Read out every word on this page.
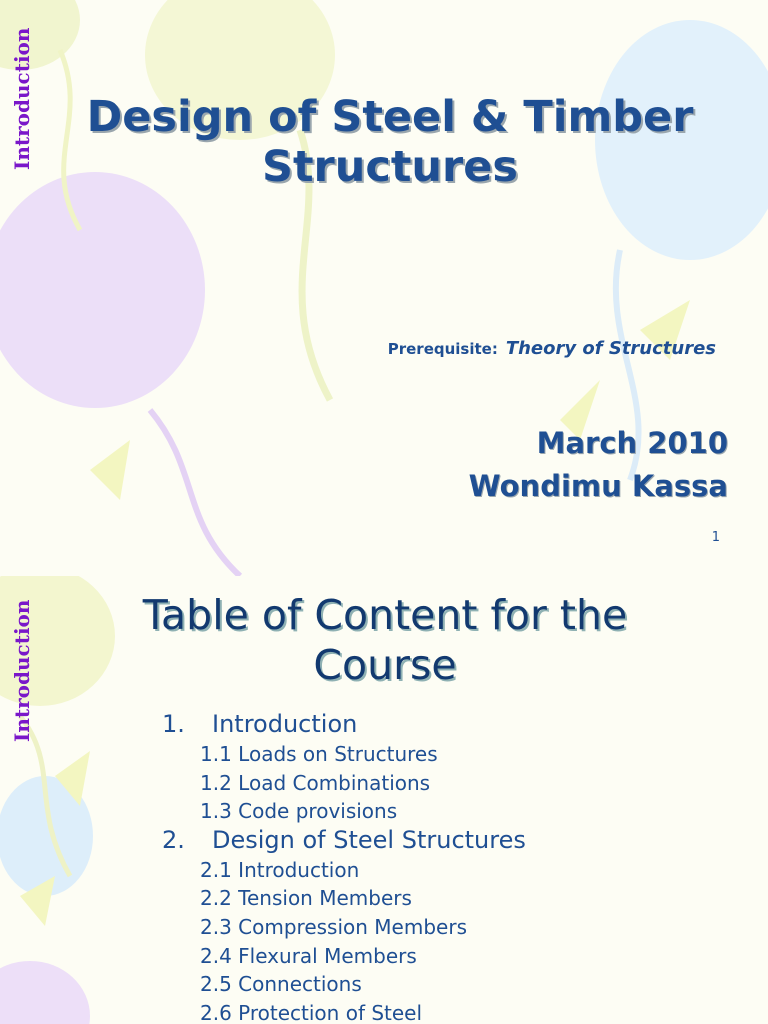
Introduction	Design of Steel & Timber
Structures
Prerequisite: Theory of Structures
March 2010
Wondimu Kassa
1
Introduction	Table of Content for the
Course
1.	Introduction
1.1 Loads on Structures
1.2 Load Combinations
1.3 Code provisions
2.	Design of Steel Structures
2.1 Introduction
2.2 Tension Members
2.3 Compression Members
2.4 Flexural Members
2.5 Connections
2.6 Protection of Steel
